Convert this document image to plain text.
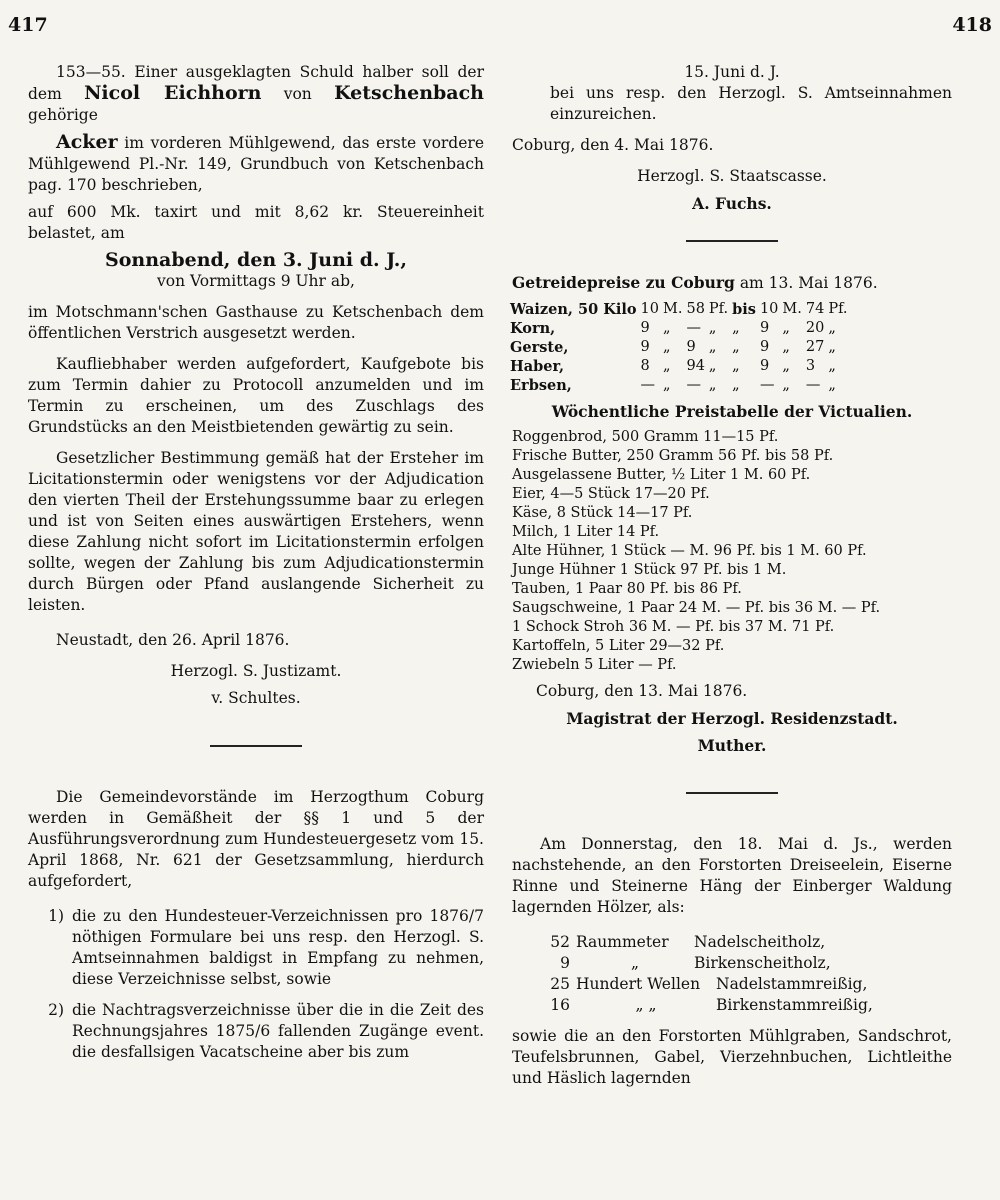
417	418

153—55. Einer ausgeklagten Schuld halber soll der dem Nicol Eichhorn von Ketschenbach gehörige

Acker im vorderen Mühlgewend, das erste vordere Mühlgewend Pl.-Nr. 149, Grundbuch von Ketschenbach pag. 170 beschrieben,

auf 600 Mk. taxirt und mit 8,62 kr. Steuereinheit belastet, am

Sonnabend, den 3. Juni d. J.,

von Vormittags 9 Uhr ab,

im Motschmann'schen Gasthause zu Ketschenbach dem öffentlichen Verstrich ausgesetzt werden.

Kaufliebhaber werden aufgefordert, Kaufgebote bis zum Termin dahier zu Protocoll anzumelden und im Termin zu erscheinen, um des Zuschlags des Grundstücks an den Meistbietenden gewärtig zu sein.

Gesetzlicher Bestimmung gemäß hat der Ersteher im Licitationstermin oder wenigstens vor der Adjudication den vierten Theil der Erstehungssumme baar zu erlegen und ist von Seiten eines auswärtigen Erstehers, wenn diese Zahlung nicht sofort im Licitationstermin erfolgen sollte, wegen der Zahlung bis zum Adjudicationstermin durch Bürgen oder Pfand auslangende Sicherheit zu leisten.

Neustadt, den 26. April 1876.

Herzogl. S. Justizamt.

v. Schultes.

Die Gemeindevorstände im Herzogthum Coburg werden in Gemäßheit der §§ 1 und 5 der Ausführungsverordnung zum Hundesteuergesetz vom 15. April 1868, Nr. 621 der Gesetzsammlung, hierdurch aufgefordert,

1) die zu den Hundesteuer-Verzeichnissen pro 1876/7 nöthigen Formulare bei uns resp. den Herzogl. S. Amtseinnahmen baldigst in Empfang zu nehmen, diese Verzeichnisse selbst, sowie
2) die Nachtragsverzeichnisse über die in die Zeit des Rechnungsjahres 1875/6 fallenden Zugänge event. die desfallsigen Vacatscheine aber bis zum

15. Juni d. J.

bei uns resp. den Herzogl. S. Amtseinnahmen einzureichen.

Coburg, den 4. Mai 1876.

Herzogl. S. Staatscasse.

A. Fuchs.

Getreidepreise zu Coburg am 13. Mai 1876.

Waizen, 50 Kilo	10	M.	58	Pf.	bis	10	M.	74	Pf.
Korn,	9	„	—	„	„	9	„	20	„
Gerste,	9	„	9	„	„	9	„	27	„
Haber,	8	„	94	„	„	9	„	3	„
Erbsen,	—	„	—	„	„	—	„	—	„

Wöchentliche Preistabelle der Victualien.

Roggenbrod, 500 Gramm 11—15 Pf.

Frische Butter, 250 Gramm 56 Pf. bis 58 Pf.

Ausgelassene Butter, ½ Liter 1 M. 60 Pf.

Eier, 4—5 Stück 17—20 Pf.

Käse, 8 Stück 14—17 Pf.

Milch, 1 Liter 14 Pf.

Alte Hühner, 1 Stück — M. 96 Pf. bis 1 M. 60 Pf.

Junge Hühner 1 Stück 97 Pf. bis 1 M.

Tauben, 1 Paar 80 Pf. bis 86 Pf.

Saugschweine, 1 Paar 24 M. — Pf. bis 36 M. — Pf.

1 Schock Stroh 36 M. — Pf. bis 37 M. 71 Pf.

Kartoffeln, 5 Liter 29—32 Pf.

Zwiebeln 5 Liter — Pf.

Coburg, den 13. Mai 1876.

Magistrat der Herzogl. Residenzstadt.

Muther.

Am Donnerstag, den 18. Mai d. Js., werden nachstehende, an den Forstorten Dreiseelein, Eiserne Rinne und Steinerne Häng der Einberger Waldung lagernden Hölzer, als:

52 Raummeter Nadelscheitholz,
9	„	Birkenscheitholz,
25 Hundert Wellen Nadelstammreißig,
16	„ „	Birkenstammreißig,

sowie die an den Forstorten Mühlgraben, Sandschrot, Teufelsbrunnen, Gabel, Vierzehnbuchen, Lichtleithe und Häslich lagernden
